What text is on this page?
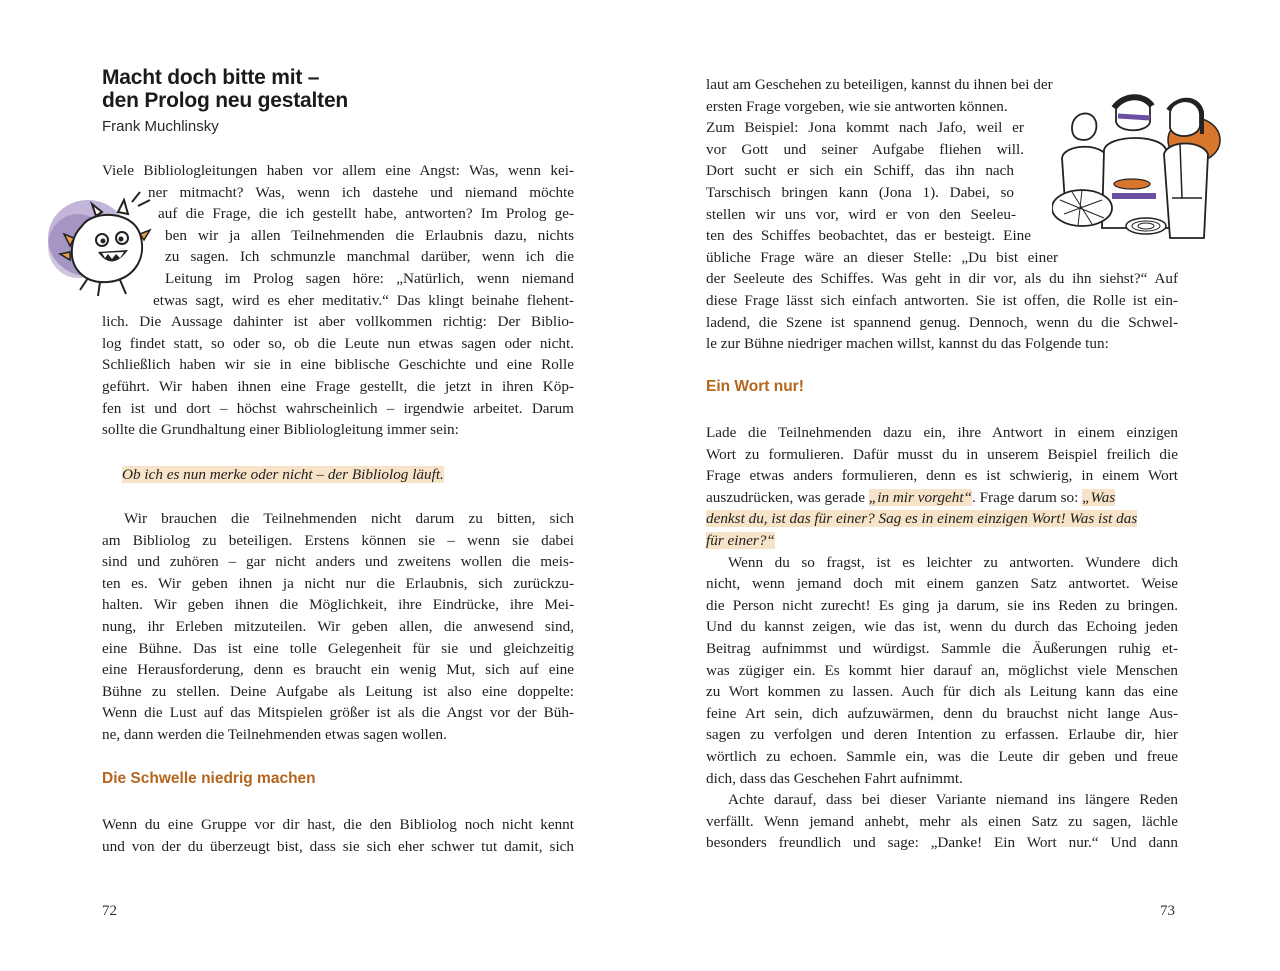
Macht doch bitte mit –
den Prolog neu gestalten
Frank Muchlinsky
Viele Bibliologleitungen haben vor allem eine Angst: Was, wenn kei-
ner mitmacht? Was, wenn ich dastehe und niemand möchte
auf die Frage, die ich gestellt habe, antworten? Im Prolog ge-
ben wir ja allen Teilnehmenden die Erlaubnis dazu, nichts
zu sagen. Ich schmunzle manchmal darüber, wenn ich die
Leitung im Prolog sagen höre: „Natürlich, wenn niemand
etwas sagt, wird es eher meditativ.“ Das klingt beinahe flehent-
lich. Die Aussage dahinter ist aber vollkommen richtig: Der Biblio-
log findet statt, so oder so, ob die Leute nun etwas sagen oder nicht.
Schließlich haben wir sie in eine biblische Geschichte und eine Rolle
geführt. Wir haben ihnen eine Frage gestellt, die jetzt in ihren Köp-
fen ist und dort – höchst wahrscheinlich – irgendwie arbeitet. Darum
sollte die Grundhaltung einer Bibliologleitung immer sein:
Ob ich es nun merke oder nicht – der Bibliolog läuft.
Wir brauchen die Teilnehmenden nicht darum zu bitten, sich
am Bibliolog zu beteiligen. Erstens können sie – wenn sie dabei
sind und zuhören – gar nicht anders und zweitens wollen die meis-
ten es. Wir geben ihnen ja nicht nur die Erlaubnis, sich zurückzu-
halten. Wir geben ihnen die Möglichkeit, ihre Eindrücke, ihre Mei-
nung, ihr Erleben mitzuteilen. Wir geben allen, die anwesend sind,
eine Bühne. Das ist eine tolle Gelegenheit für sie und gleichzeitig
eine Herausforderung, denn es braucht ein wenig Mut, sich auf eine
Bühne zu stellen. Deine Aufgabe als Leitung ist also eine doppelte:
Wenn die Lust auf das Mitspielen größer ist als die Angst vor der Büh-
ne, dann werden die Teilnehmenden etwas sagen wollen.
Die Schwelle niedrig machen
Wenn du eine Gruppe vor dir hast, die den Bibliolog noch nicht kennt
und von der du überzeugt bist, dass sie sich eher schwer tut damit, sich
72
laut am Geschehen zu beteiligen, kannst du ihnen bei der
ersten Frage vorgeben, wie sie antworten können.
Zum Beispiel: Jona kommt nach Jafo, weil er
vor Gott und seiner Aufgabe fliehen will.
Dort sucht er sich ein Schiff, das ihn nach
Tarschisch bringen kann (Jona 1). Dabei, so
stellen wir uns vor, wird er von den Seeleu-
ten des Schiffes beobachtet, das er besteigt. Eine
übliche Frage wäre an dieser Stelle: „Du bist einer
der Seeleute des Schiffes. Was geht in dir vor, als du ihn siehst?“ Auf
diese Frage lässt sich einfach antworten. Sie ist offen, die Rolle ist ein-
ladend, die Szene ist spannend genug. Dennoch, wenn du die Schwel-
le zur Bühne niedriger machen willst, kannst du das Folgende tun:
Ein Wort nur!
Lade die Teilnehmenden dazu ein, ihre Antwort in einem einzigen
Wort zu formulieren. Dafür musst du in unserem Beispiel freilich die
Frage etwas anders formulieren, denn es ist schwierig, in einem Wort
auszudrücken, was gerade „in mir vorgeht“. Frage darum so: „Was
denkst du, ist das für einer? Sag es in einem einzigen Wort! Was ist das
für einer?“
Wenn du so fragst, ist es leichter zu antworten. Wundere dich
nicht, wenn jemand doch mit einem ganzen Satz antwortet. Weise
die Person nicht zurecht! Es ging ja darum, sie ins Reden zu bringen.
Und du kannst zeigen, wie das ist, wenn du durch das Echoing jeden
Beitrag aufnimmst und würdigst. Sammle die Äußerungen ruhig et-
was zügiger ein. Es kommt hier darauf an, möglichst viele Menschen
zu Wort kommen zu lassen. Auch für dich als Leitung kann das eine
feine Art sein, dich aufzuwärmen, denn du brauchst nicht lange Aus-
sagen zu verfolgen und deren Intention zu erfassen. Erlaube dir, hier
wörtlich zu echoen. Sammle ein, was die Leute dir geben und freue
dich, dass das Geschehen Fahrt aufnimmt.
Achte darauf, dass bei dieser Variante niemand ins längere Reden
verfällt. Wenn jemand anhebt, mehr als einen Satz zu sagen, lächle
besonders freundlich und sage: „Danke! Ein Wort nur.“ Und dann
73
